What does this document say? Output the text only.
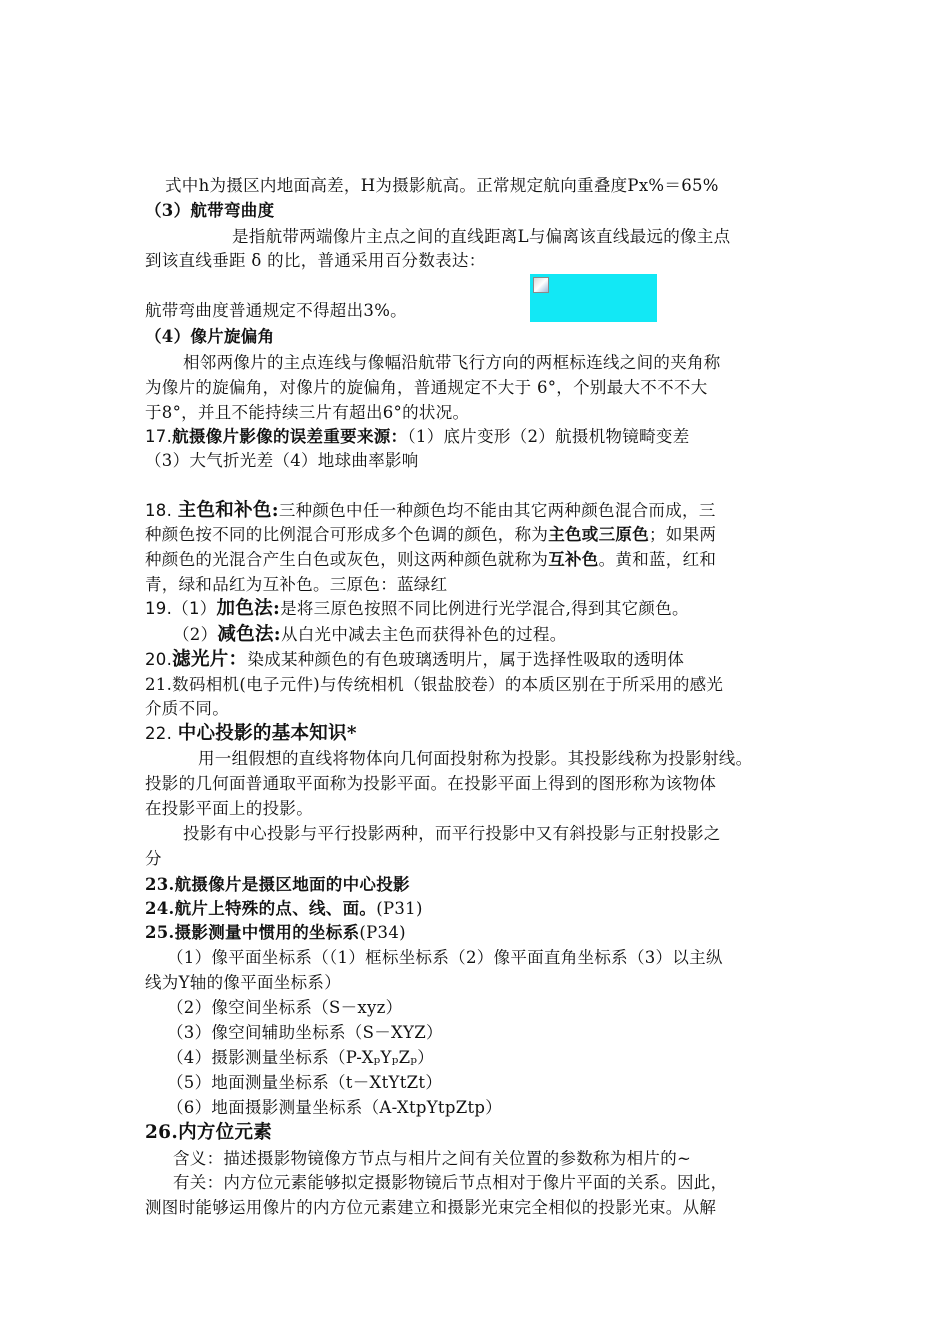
式中h为摄区内地面高差，H为摄影航高。正常规定航向重叠度Px%＝65%
（3）航带弯曲度
是指航带两端像片主点之间的直线距离L与偏离该直线最远的像主点
到该直线垂距 δ 的比，普通采用百分数表达：
航带弯曲度普通规定不得超出3%。
（4）像片旋偏角
相邻两像片的主点连线与像幅沿航带飞行方向的两框标连线之间的夹角称
为像片的旋偏角，对像片的旋偏角，普通规定不大于 6°，个别最大不不不大
于8°，并且不能持续三片有超出6°的状况。
17.航摄像片影像的误差重要来源：（1）底片变形（2）航摄机物镜畸变差
（3）大气折光差（4）地球曲率影响
18. 主色和补色:三种颜色中任一种颜色均不能由其它两种颜色混合而成，三
种颜色按不同的比例混合可形成多个色调的颜色，称为主色或三原色；如果两
种颜色的光混合产生白色或灰色，则这两种颜色就称为互补色。黄和蓝，红和
青，绿和品红为互补色。三原色：蓝绿红
19.（1）加色法:是将三原色按照不同比例进行光学混合,得到其它颜色。
（2）减色法:从白光中减去主色而获得补色的过程。
20.滤光片：染成某种颜色的有色玻璃透明片，属于选择性吸取的透明体
21.数码相机(电子元件)与传统相机（银盐胶卷）的本质区别在于所采用的感光
介质不同。
22. 中心投影的基本知识*
用一组假想的直线将物体向几何面投射称为投影。其投影线称为投影射线。
投影的几何面普通取平面称为投影平面。在投影平面上得到的图形称为该物体
在投影平面上的投影。
投影有中心投影与平行投影两种，而平行投影中又有斜投影与正射投影之
分
23.航摄像片是摄区地面的中心投影
24.航片上特殊的点、线、面。(P31)
25.摄影测量中惯用的坐标系(P34)
（1）像平面坐标系（（1）框标坐标系（2）像平面直角坐标系（3）以主纵
线为Y轴的像平面坐标系）
（2）像空间坐标系（S－xyz）
（3）像空间辅助坐标系（S－XYZ）
（4）摄影测量坐标系（P-XₚYₚZₚ）
（5）地面测量坐标系（t－XtYtZt）
（6）地面摄影测量坐标系（A-XtpYtpZtp）
26.内方位元素
含义：描述摄影物镜像方节点与相片之间有关位置的参数称为相片的~
有关：内方位元素能够拟定摄影物镜后节点相对于像片平面的关系。因此，
测图时能够运用像片的内方位元素建立和摄影光束完全相似的投影光束。从解
